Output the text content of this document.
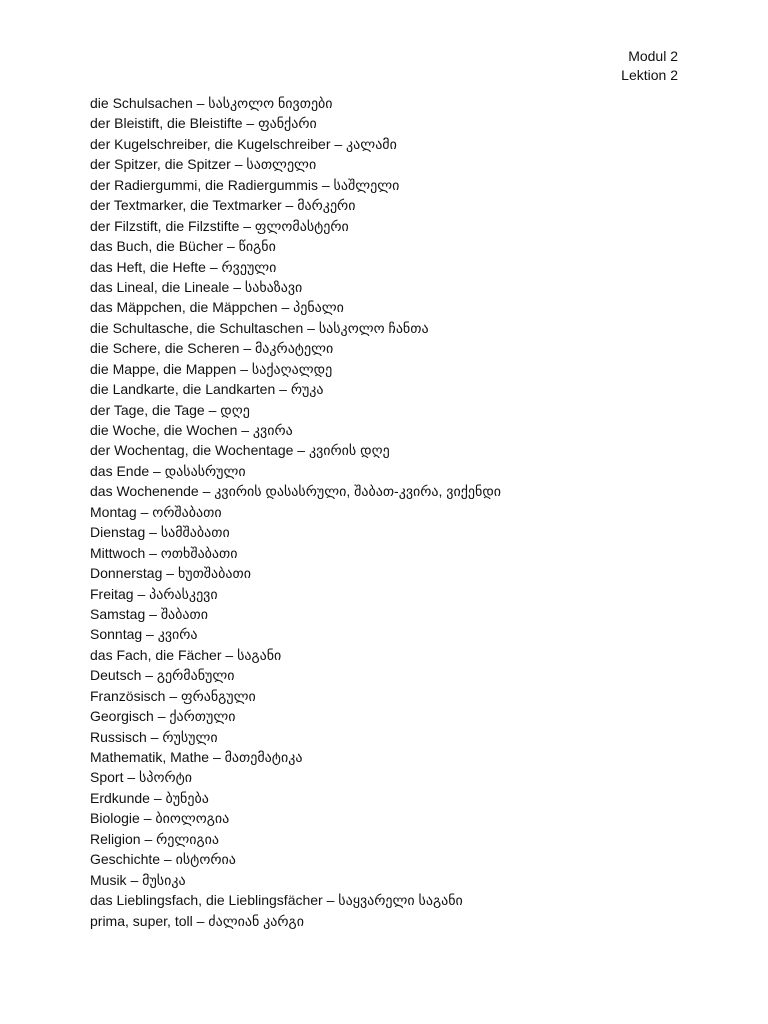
Modul 2
Lektion 2
die Schulsachen – სასკოლო ნივთები
der Bleistift, die Bleistifte – ფანქარი
der Kugelschreiber, die Kugelschreiber – კალამი
der Spitzer, die Spitzer – სათლელი
der Radiergummi, die Radiergummis – საშლელი
der Textmarker, die Textmarker – მარკერი
der Filzstift, die Filzstifte – ფლომასტერი
das Buch, die Bücher – წიგნი
das Heft, die Hefte – რვეული
das Lineal, die Lineale – სახაზავი
das Mäppchen, die Mäppchen – პენალი
die Schultasche, die Schultaschen – სასკოლო ჩანთა
die Schere, die Scheren – მაკრატელი
die Mappe, die Mappen – საქაღალდე
die Landkarte, die Landkarten – რუკა
der Tage, die Tage – დღე
die Woche, die Wochen – კვირა
der Wochentag, die Wochentage – კვირის დღე
das Ende – დასასრული
das Wochenende – კვირის დასასრული, შაბათ-კვირა, ვიქენდი
Montag – ორშაბათი
Dienstag – სამშაბათი
Mittwoch – ოთხშაბათი
Donnerstag – ხუთშაბათი
Freitag – პარასკევი
Samstag – შაბათი
Sonntag – კვირა
das Fach, die Fächer – საგანი
Deutsch – გერმანული
Französisch – ფრანგული
Georgisch – ქართული
Russisch – რუსული
Mathematik, Mathe – მათემატიკა
Sport – სპორტი
Erdkunde – ბუნება
Biologie – ბიოლოგია
Religion – რელიგია
Geschichte – ისტორია
Musik – მუსიკა
das Lieblingsfach, die Lieblingsfächer – საყვარელი საგანი
prima, super, toll – ძალიან კარგი
